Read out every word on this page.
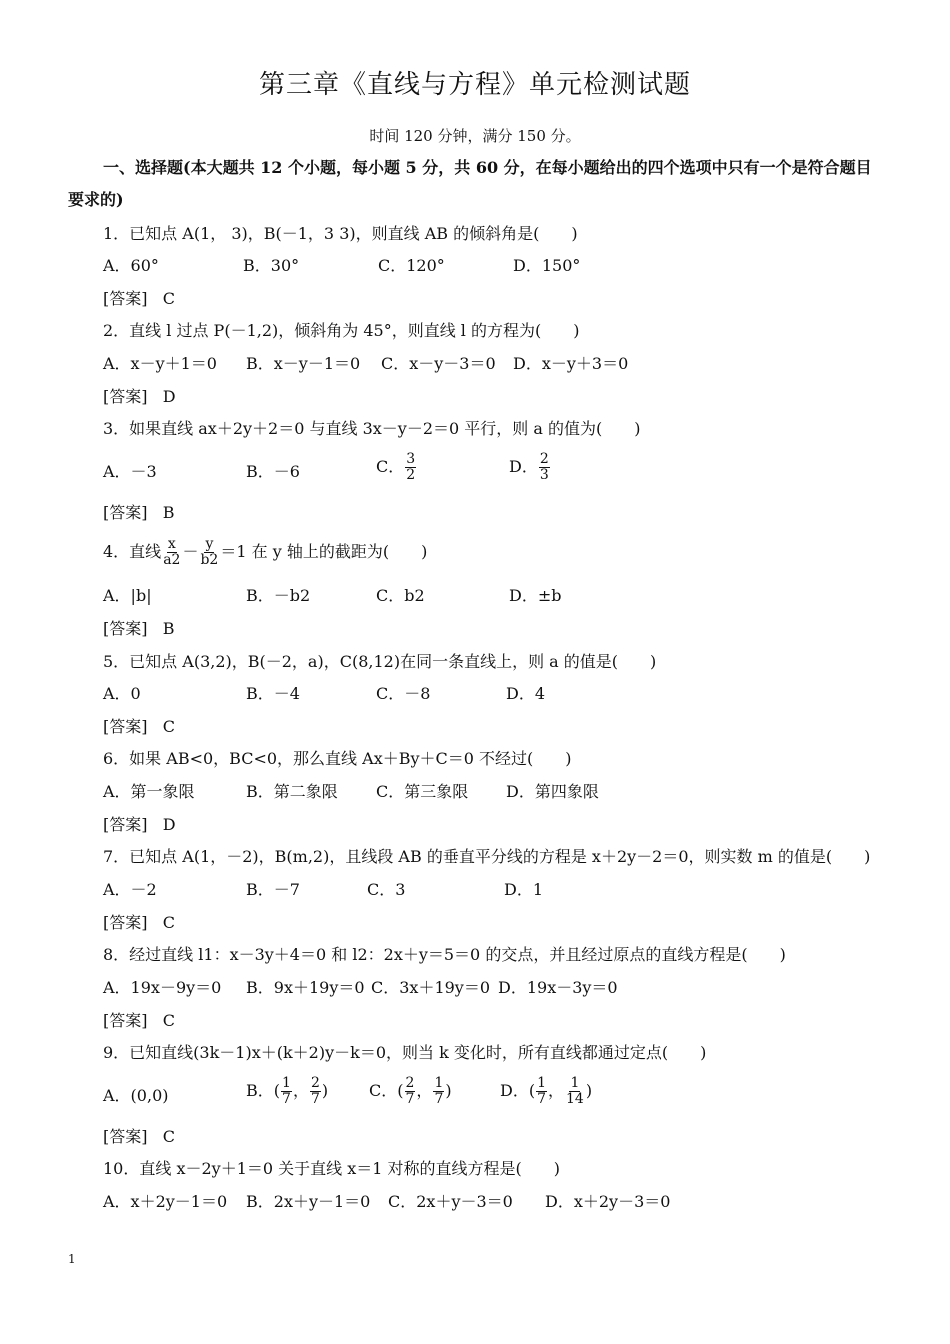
第三章《直线与方程》单元检测试题
时间 120 分钟，满分 150 分。
一、选择题(本大题共 12 个小题，每小题 5 分，共 60 分，在每小题给出的四个选项中只有一个是符合题目
要求的)
1．已知点 A(1， 3)，B(－1，3 3)，则直线 AB 的倾斜角是(　　)
A．60°	B．30°	C．120°	D．150°
[答案] C
2．直线 l 过点 P(－1,2)，倾斜角为 45°，则直线 l 的方程为(　　)
A．x－y＋1＝0 B．x－y－1＝0 C．x－y－3＝0 D．x－y＋3＝0
[答案] D
3．如果直线 ax＋2y＋2＝0 与直线 3x－y－2＝0 平行，则 a 的值为(　　)
A．－3	B．－6	C． $\frac{3}{2}$	D． $\frac{2}{3}$
[答案] B
4．直线 $\frac{x}{a2} - \frac{y}{b2} =1$ 在 y 轴上的截距为(　　)
A．|b|	B．－b2	C．b2	D．±b
[答案] B
5．已知点 A(3,2)，B(－2，a)，C(8,12)在同一条直线上，则 a 的值是(　　)
A．0	B．－4	C．－8	D．4
[答案] C
6．如果 AB<0，BC<0，那么直线 Ax＋By＋C＝0 不经过(　　)
A．第一象限	B．第二象限 C．第三象限 D．第四象限
[答案] D
7．已知点 A(1，－2)，B(m,2)，且线段 AB 的垂直平分线的方程是 x＋2y－2＝0，则实数 m 的值是(　　)
A．－2	B．－7	C．3	D．1
[答案] C
8．经过直线 l1：x－3y＋4＝0 和 l2：2x＋y＝5＝0 的交点，并且经过原点的直线方程是(　　)
A．19x－9y＝0 B．9x＋19y＝0 C．3x＋19y＝0 D．19x－3y＝0
[答案] C
9．已知直线(3k－1)x＋(k＋2)y－k＝0，则当 k 变化时，所有直线都通过定点(　　)
A．(0,0)	B．( $\frac{1}{7}$ ， $\frac{2}{7}$ )	C．( $\frac{2}{7}$ ， $\frac{1}{7}$ )	D．( $\frac{1}{7}$ ， $\frac{1}{14}$ )
[答案] C
10．直线 x－2y＋1＝0 关于直线 x＝1 对称的直线方程是(　　)
A．x＋2y－1＝0 B．2x＋y－1＝0 C．2x＋y－3＝0 D．x＋2y－3＝0
1
